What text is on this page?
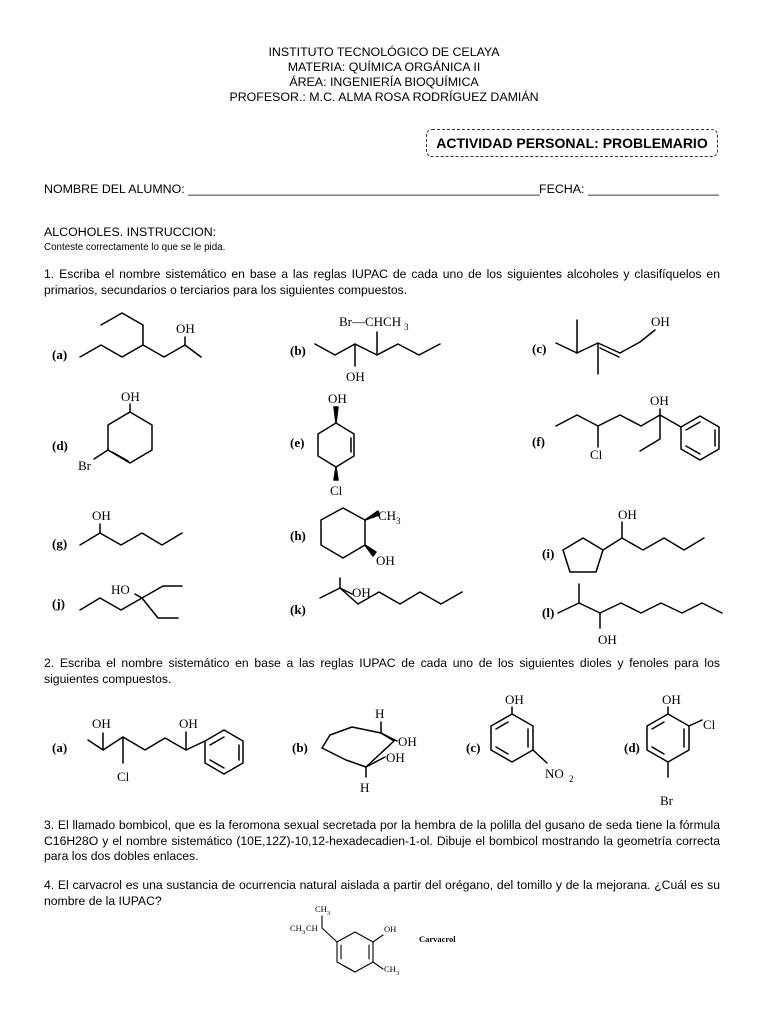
INSTITUTO TECNOLÓGICO DE CELAYA
MATERIA: QUÍMICA ORGÁNICA II
ÁREA: INGENIERÍA BIOQUÍMICA
PROFESOR.: M.C. ALMA ROSA RODRÍGUEZ DAMIÁN
ACTIVIDAD PERSONAL: PROBLEMARIO
NOMBRE DEL ALUMNO: ___________________________________________________ FECHA: ___________________
ALCOHOLES. INSTRUCCION:
Conteste correctamente lo que se le pida.
1. Escriba el nombre sistemático en base a las reglas IUPAC de cada uno de los siguientes alcoholes y clasifíquelos en primarios, secundarios o terciarios para los siguientes compuestos.
2. Escriba el nombre sistemático en base a las reglas IUPAC de cada uno de los siguientes dioles y fenoles para los siguientes compuestos.
3. El llamado bombicol, que es la feromona sexual secretada por la hembra de la polilla del gusano de seda tiene la fórmula C16H28O y el nombre sistemático (10E,12Z)-10,12-hexadecadien-1-ol. Dibuje el bombicol mostrando la geometría correcta para los dos dobles enlaces.
4. El carvacrol es una sustancia de ocurrencia natural aislada a partir del orégano, del tomillo y de la mejorana. ¿Cuál es su nombre de la IUPAC?
(a)	(b)	(c)
(d)	(e)	(f)
(g)
(h)
(i)
(j)	(k)	(l)
OH	Br—CHCH 3
OH
OH
OH
Br
OH
Cl
OH
Cl
OH	CH 3
OH
OH
HO	OH
OH
(a)	(b)	(c)	(d)
OH	OH
Cl
H
OH
OH
H
OH
NO 2
OH
Cl
Br
CH 3
CH 3 CH	OH
CH 3
Carvacrol
